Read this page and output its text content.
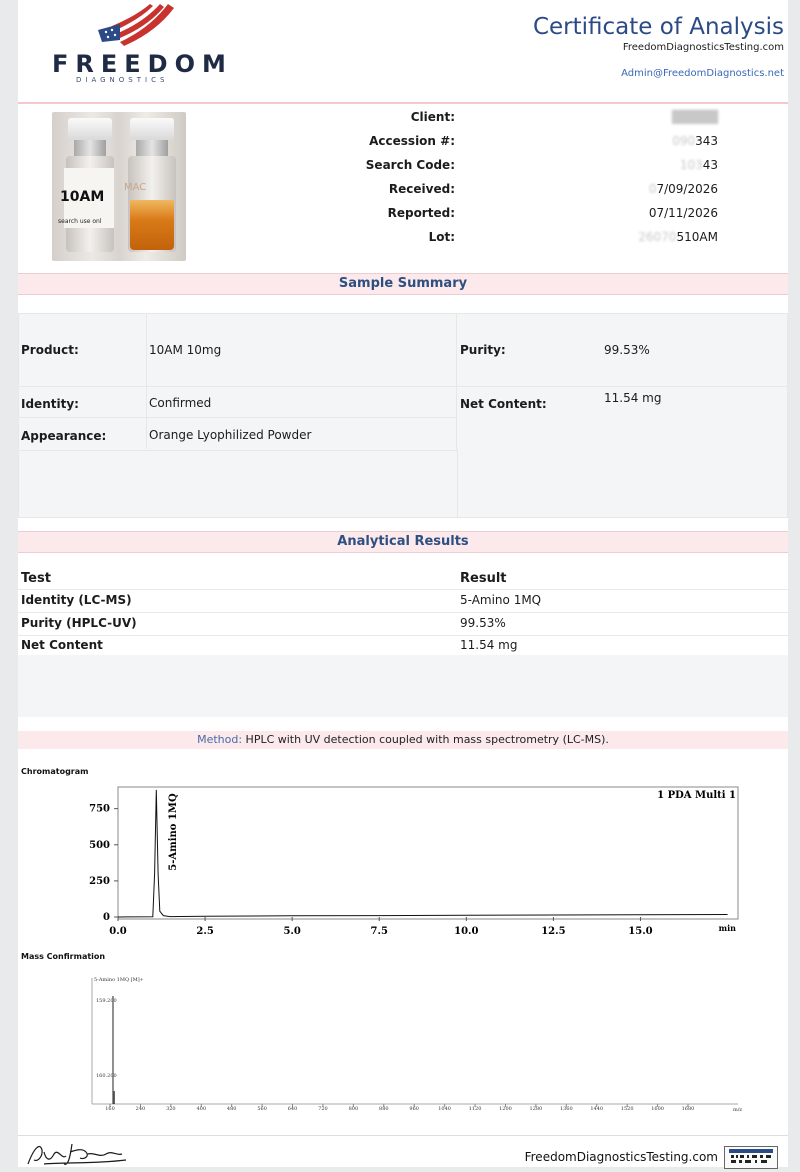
FREEDOM
DIAGNOSTICS
Certificate of Analysis
FreedomDiagnosticsTesting.com
Admin@FreedomDiagnostics.net
10AM
search use onl
MAC
Client:	█████
Accession #:	090343
Search Code:	10343
Received:	07/09/2026
Reported:	07/11/2026
Lot:	26070510AM
Sample Summary
Product:	10AM 10mg	Purity:	99.53%
Identity:	Confirmed	Net Content:	11.54 mg
Appearance:	Orange Lyophilized Powder
Analytical Results
Test	Result
Identity (LC-MS)	5-Amino 1MQ
Purity (HPLC-UV)	99.53%
Net Content	11.54 mg
Method: HPLC with UV detection coupled with mass spectrometry (LC-MS).
Chromatogram
0.0	2.5	5.0	7.5	10.0	12.5	15.0
0
250
500
750	5-Amino 1MQ	1 PDA Multi 1
min
Mass Confirmation
160	240	320	400	480	560	640	720	800	880	960	1040	1120	1200	1280	1360	1440	1520	1600	1680
5-Amino 1MQ [M]+
159.200
160.200
m/z
FreedomDiagnosticsTesting.com
